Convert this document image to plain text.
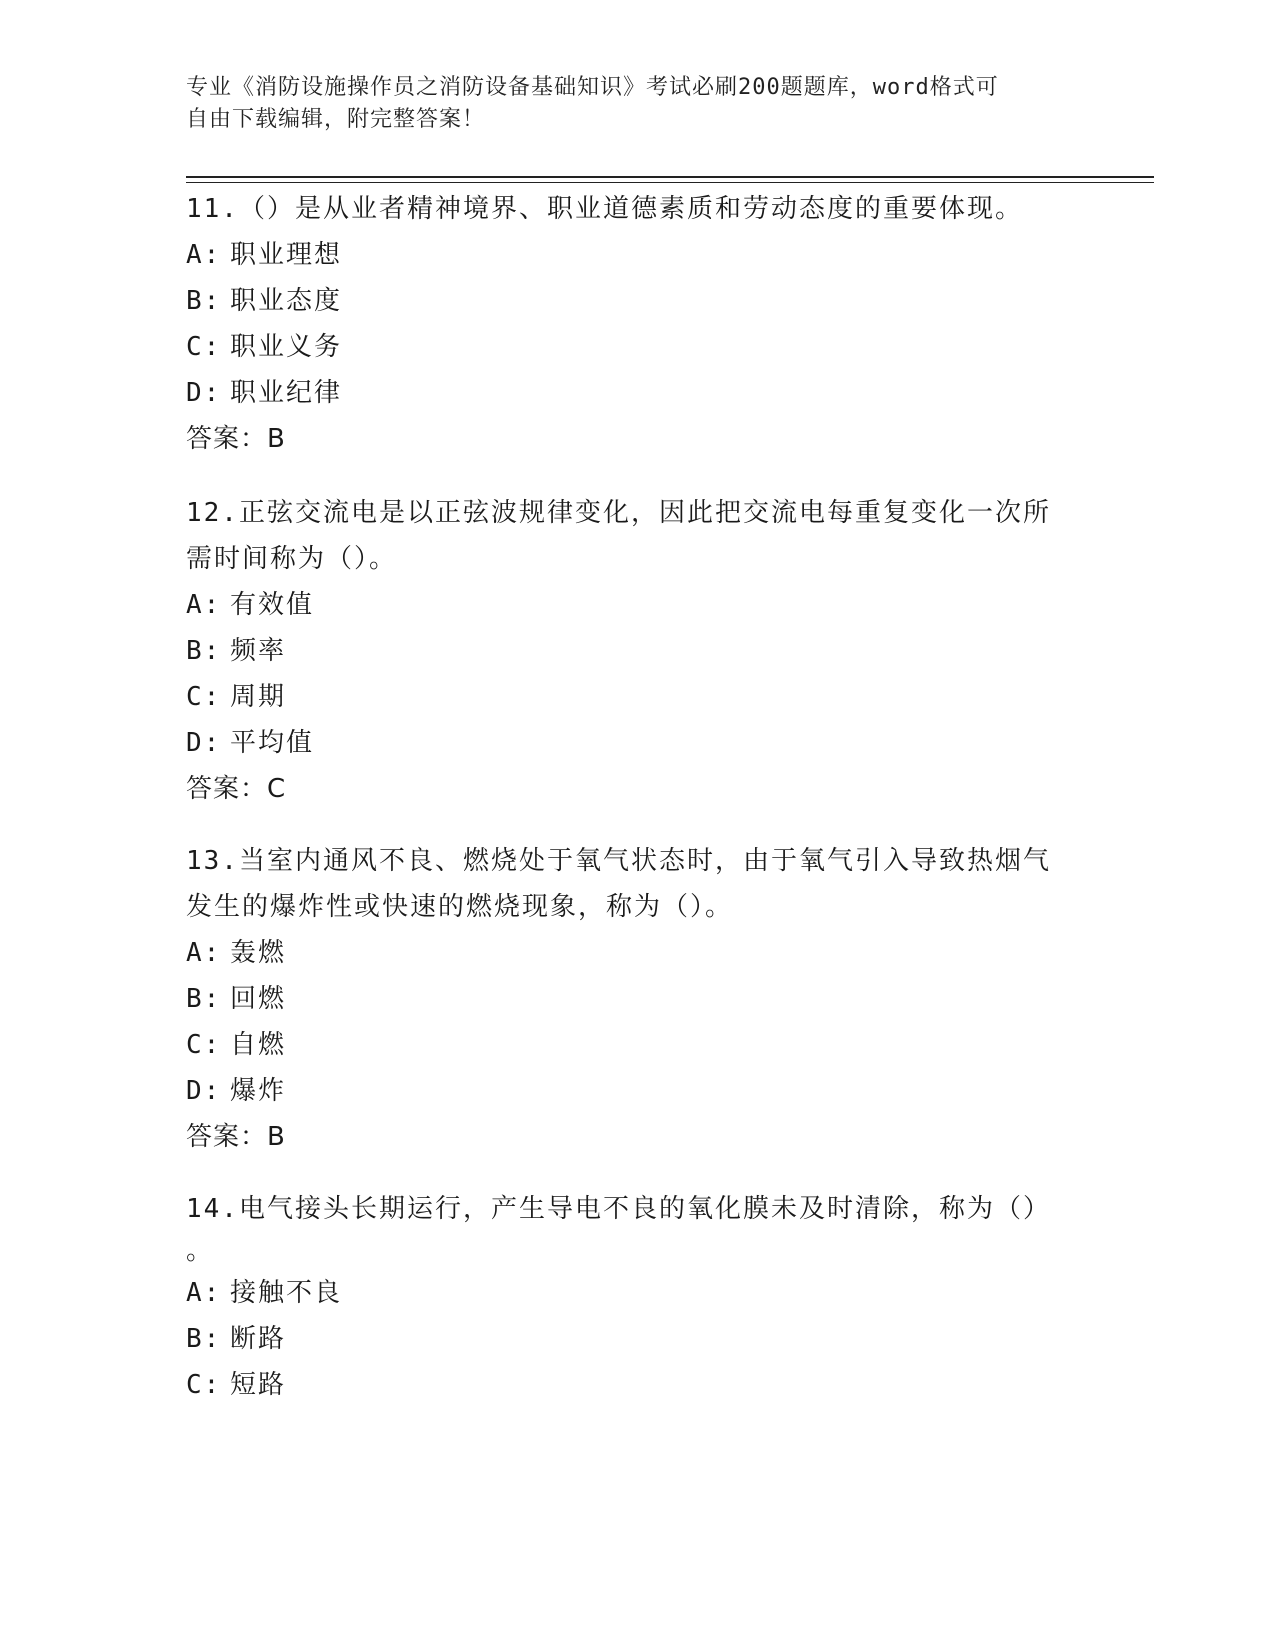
专业《消防设施操作员之消防设备基础知识》考试必刷200题题库，word格式可
自由下载编辑，附完整答案！

11.（）是从业者精神境界、职业道德素质和劳动态度的重要体现。

A: 职业理想

B: 职业态度

C: 职业义务

D: 职业纪律

答案：B

12.正弦交流电是以正弦波规律变化，因此把交流电每重复变化一次所

需时间称为（）。

A: 有效值

B: 频率

C: 周期

D: 平均值

答案：C

13.当室内通风不良、燃烧处于氧气状态时，由于氧气引入导致热烟气

发生的爆炸性或快速的燃烧现象，称为（）。

A: 轰燃

B: 回燃

C: 自燃

D: 爆炸

答案：B

14.电气接头长期运行，产生导电不良的氧化膜未及时清除，称为（）

。

A: 接触不良

B: 断路

C: 短路
